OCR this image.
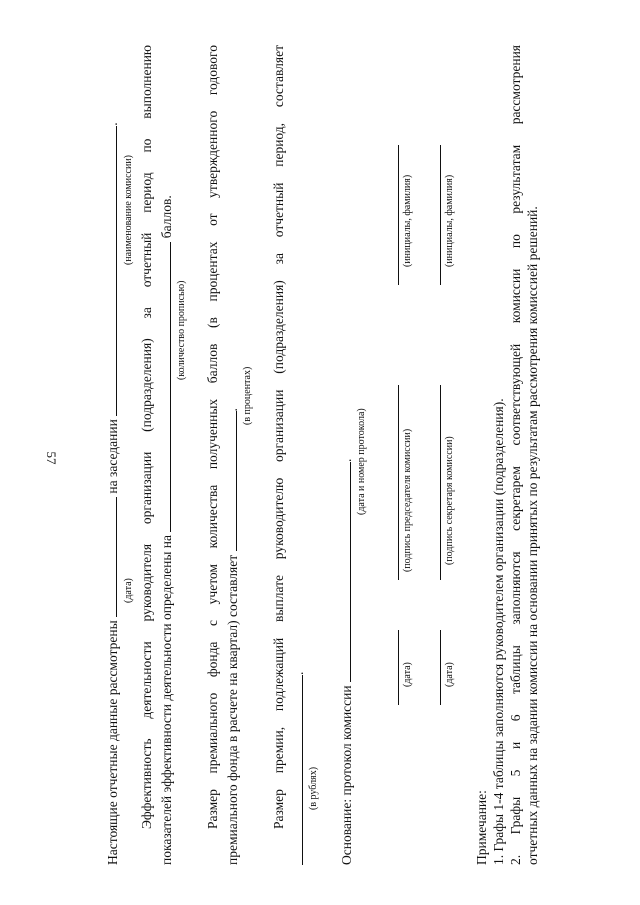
57
Настоящие отчетные данные рассмотрены  на заседании .
(дата)
(наименование комиссии) Эффективность деятельности руководителя организации (подразделения) за отчетный период по выполнению показателей эффективности деятельности определены на  баллов.
(количество прописью) Размер премиального фонда с учетом количества полученных баллов (в процентах от утвержденного годового премиального фонда в расчете на квартал) составляет . (в процентах) Размер премии, подлежащий выплате руководителю организации (подразделения) за отчетный период, составляет .
(в рублях) Основание: протокол комиссии . (дата и номер протокола)
(дата)
(подпись председателя комиссии)
(инициалы, фамилия)
(дата)
(подпись секретаря комиссии)
(инициалы, фамилия)
Примечание: 1. Графы 1-4 таблицы заполняются руководителем организации (подразделения). 2. Графы 5 и 6 таблицы заполняются секретарем соответствующей комиссии по результатам рассмотрения отчетных данных на задании комиссии на основании принятых по результатам рассмотрения комиссией решений.
